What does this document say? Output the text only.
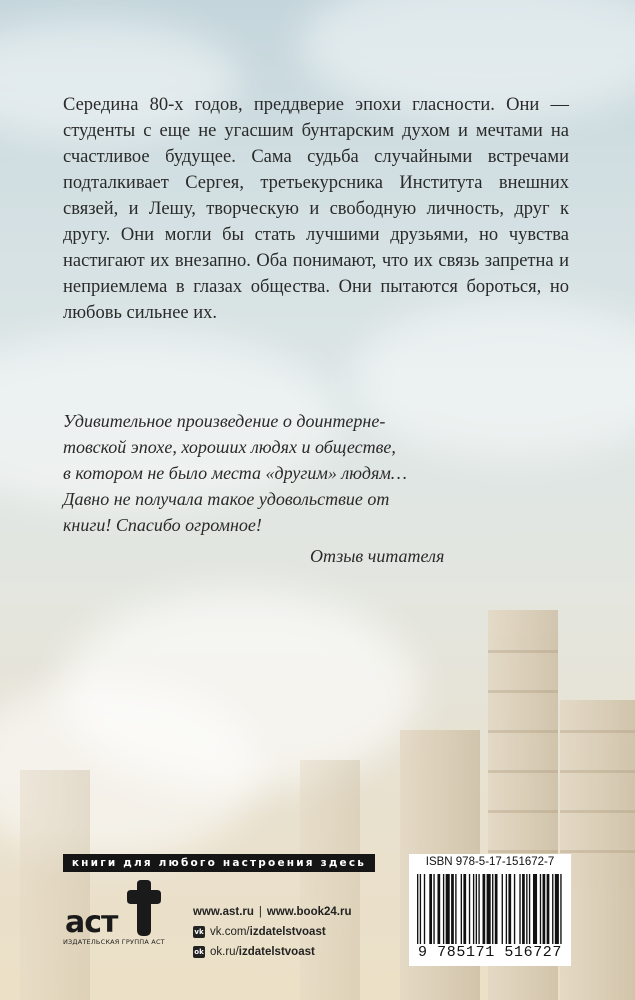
Середина 80-х годов, преддверие эпохи гласности. Они — студенты с еще не угасшим бунтарским духом и мечтами на счастливое будущее. Сама судьба случайными встречами подталкивает Сергея, третьекурсника Института внешних связей, и Лешу, творческую и свободную личность, друг к другу. Они могли бы стать лучшими друзьями, но чувства настигают их внезапно. Оба понимают, что их связь запретна и неприемлема в глазах общества. Они пытаются бороться, но любовь сильнее их.

Удивительное произведение о доинтерне-
товской эпохе, хороших людях и обществе,
в котором не было места «другим» людям…
Давно не получала такое удовольствие от
книги! Спасибо огромное!

Отзыв читателя
книги для любого настроения здесь
аст
ИЗДАТЕЛЬСКАЯ ГРУППА АСТ
www.ast.ru | www.book24.ru
vk vk.com/ izdatelstvoast
ok ok.ru/ izdatelstvoast
ISBN 978-5-17-151672-7
9 785171 516727
